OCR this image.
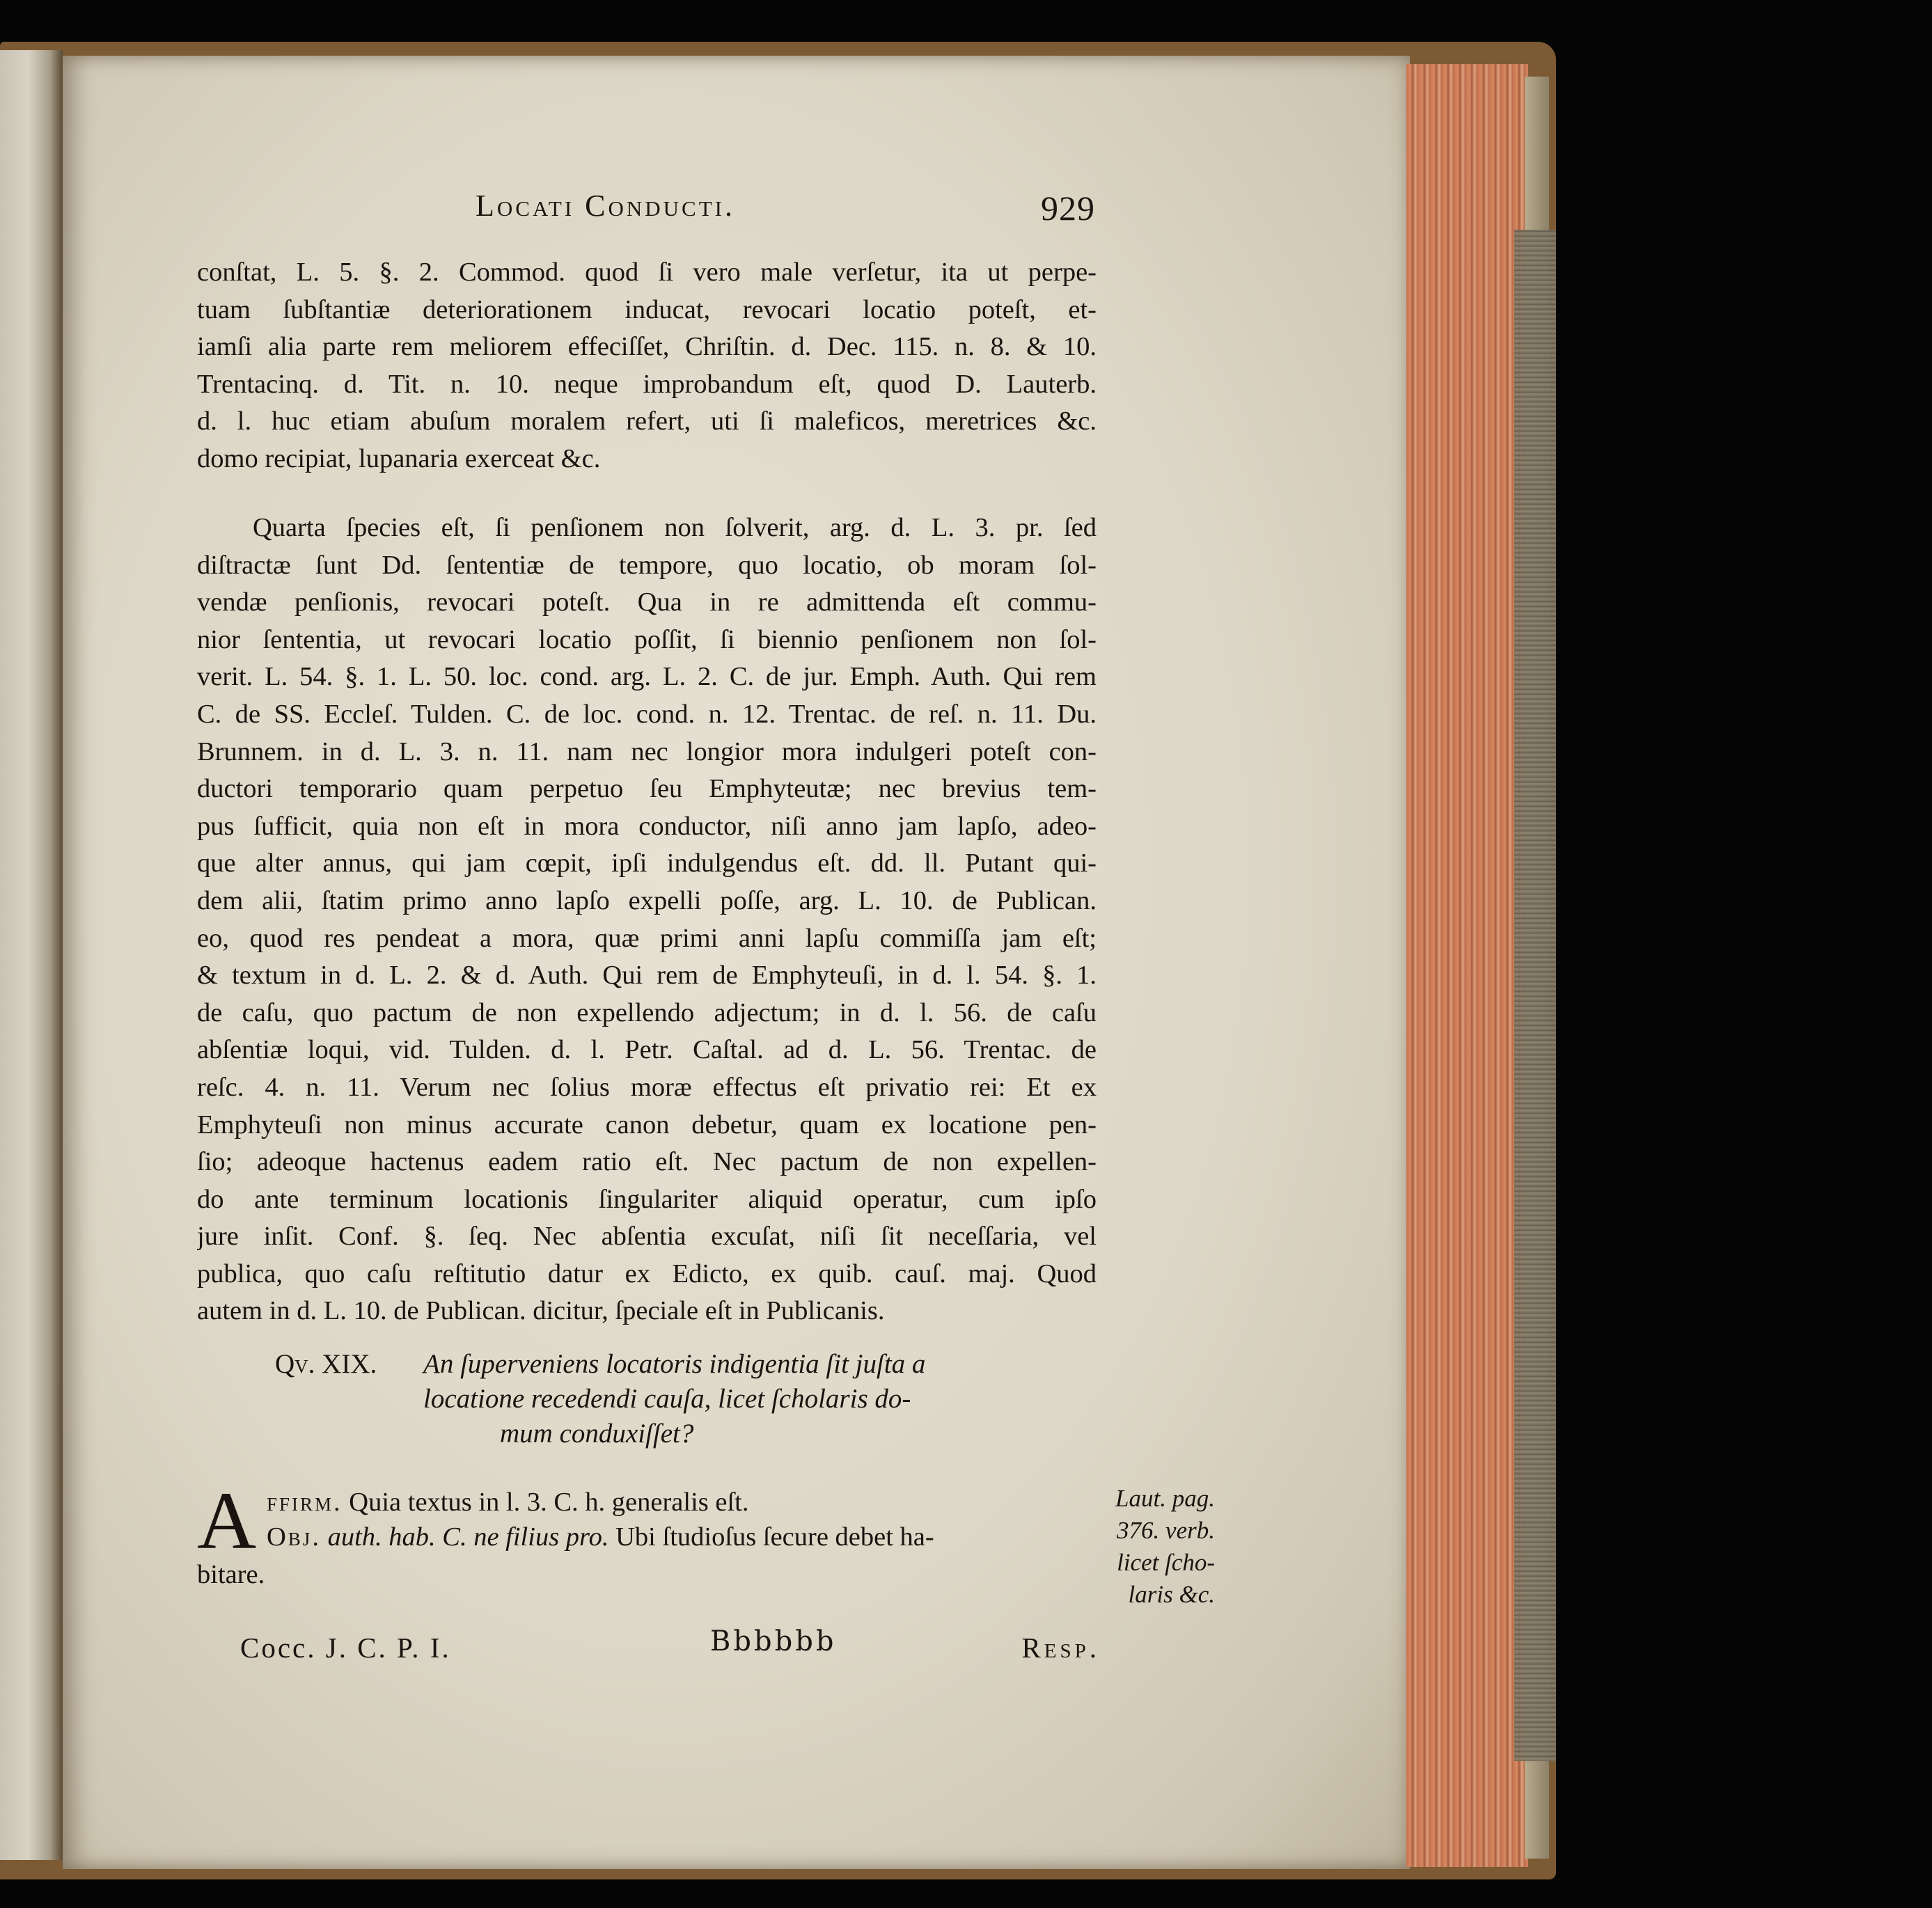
Locati Conducti.	929
conſtat, L. 5. §. 2. Commod. quod ſi vero male verſetur, ita ut perpe-
tuam ſubſtantiæ deteriorationem inducat, revocari locatio poteſt, et-
iamſi alia parte rem meliorem effeciſſet, Chriſtin. d. Dec. 115. n. 8. & 10.
Trentacinq. d. Tit. n. 10. neque improbandum eſt, quod D. Lauterb.
d. l. huc etiam abuſum moralem refert, uti ſi maleficos, meretrices &c.
domo recipiat, lupanaria exerceat &c.
Quarta ſpecies eſt, ſi penſionem non ſolverit, arg. d. L. 3. pr. ſed
diſtractæ ſunt Dd. ſententiæ de tempore, quo locatio, ob moram ſol-
vendæ penſionis, revocari poteſt. Qua in re admittenda eſt commu-
nior ſententia, ut revocari locatio poſſit, ſi biennio penſionem non ſol-
verit. L. 54. §. 1. L. 50. loc. cond. arg. L. 2. C. de jur. Emph. Auth. Qui rem
C. de SS. Eccleſ. Tulden. C. de loc. cond. n. 12. Trentac. de reſ. n. 11. Du.
Brunnem. in d. L. 3. n. 11. nam nec longior mora indulgeri poteſt con-
ductori temporario quam perpetuo ſeu Emphyteutæ; nec brevius tem-
pus ſufficit, quia non eſt in mora conductor, niſi anno jam lapſo, adeo-
que alter annus, qui jam cœpit, ipſi indulgendus eſt. dd. ll. Putant qui-
dem alii, ſtatim primo anno lapſo expelli poſſe, arg. L. 10. de Publican.
eo, quod res pendeat a mora, quæ primi anni lapſu commiſſa jam eſt;
& textum in d. L. 2. & d. Auth. Qui rem de Emphyteuſi, in d. l. 54. §. 1.
de caſu, quo pactum de non expellendo adjectum; in d. l. 56. de caſu
abſentiæ loqui, vid. Tulden. d. l. Petr. Caſtal. ad d. L. 56. Trentac. de
reſc. 4. n. 11. Verum nec ſolius moræ effectus eſt privatio rei: Et ex
Emphyteuſi non minus accurate canon debetur, quam ex locatione pen-
ſio; adeoque hactenus eadem ratio eſt. Nec pactum de non expellen-
do ante terminum locationis ſingulariter aliquid operatur, cum ipſo
jure inſit. Conf. §. ſeq. Nec abſentia excuſat, niſi ſit neceſſaria, vel
publica, quo caſu reſtitutio datur ex Edicto, ex quib. cauſ. maj. Quod
autem in d. L. 10. de Publican. dicitur, ſpeciale eſt in Publicanis.
Qv. XIX. An ſuperveniens locatoris indigentia ſit juſta a
locatione recedendi cauſa, licet ſcholaris do-
mum conduxiſſet?
A ffirm. Quia textus in l. 3. C. h. generalis eſt.
Obj. auth. hab. C. ne filius pro. Ubi ſtudioſus ſecure debet ha-
bitare.
Laut. pag.
376. verb.
licet ſcho-
laris &c.
Cocc. J. C. P. I.	Bbbbbb	Resp.
